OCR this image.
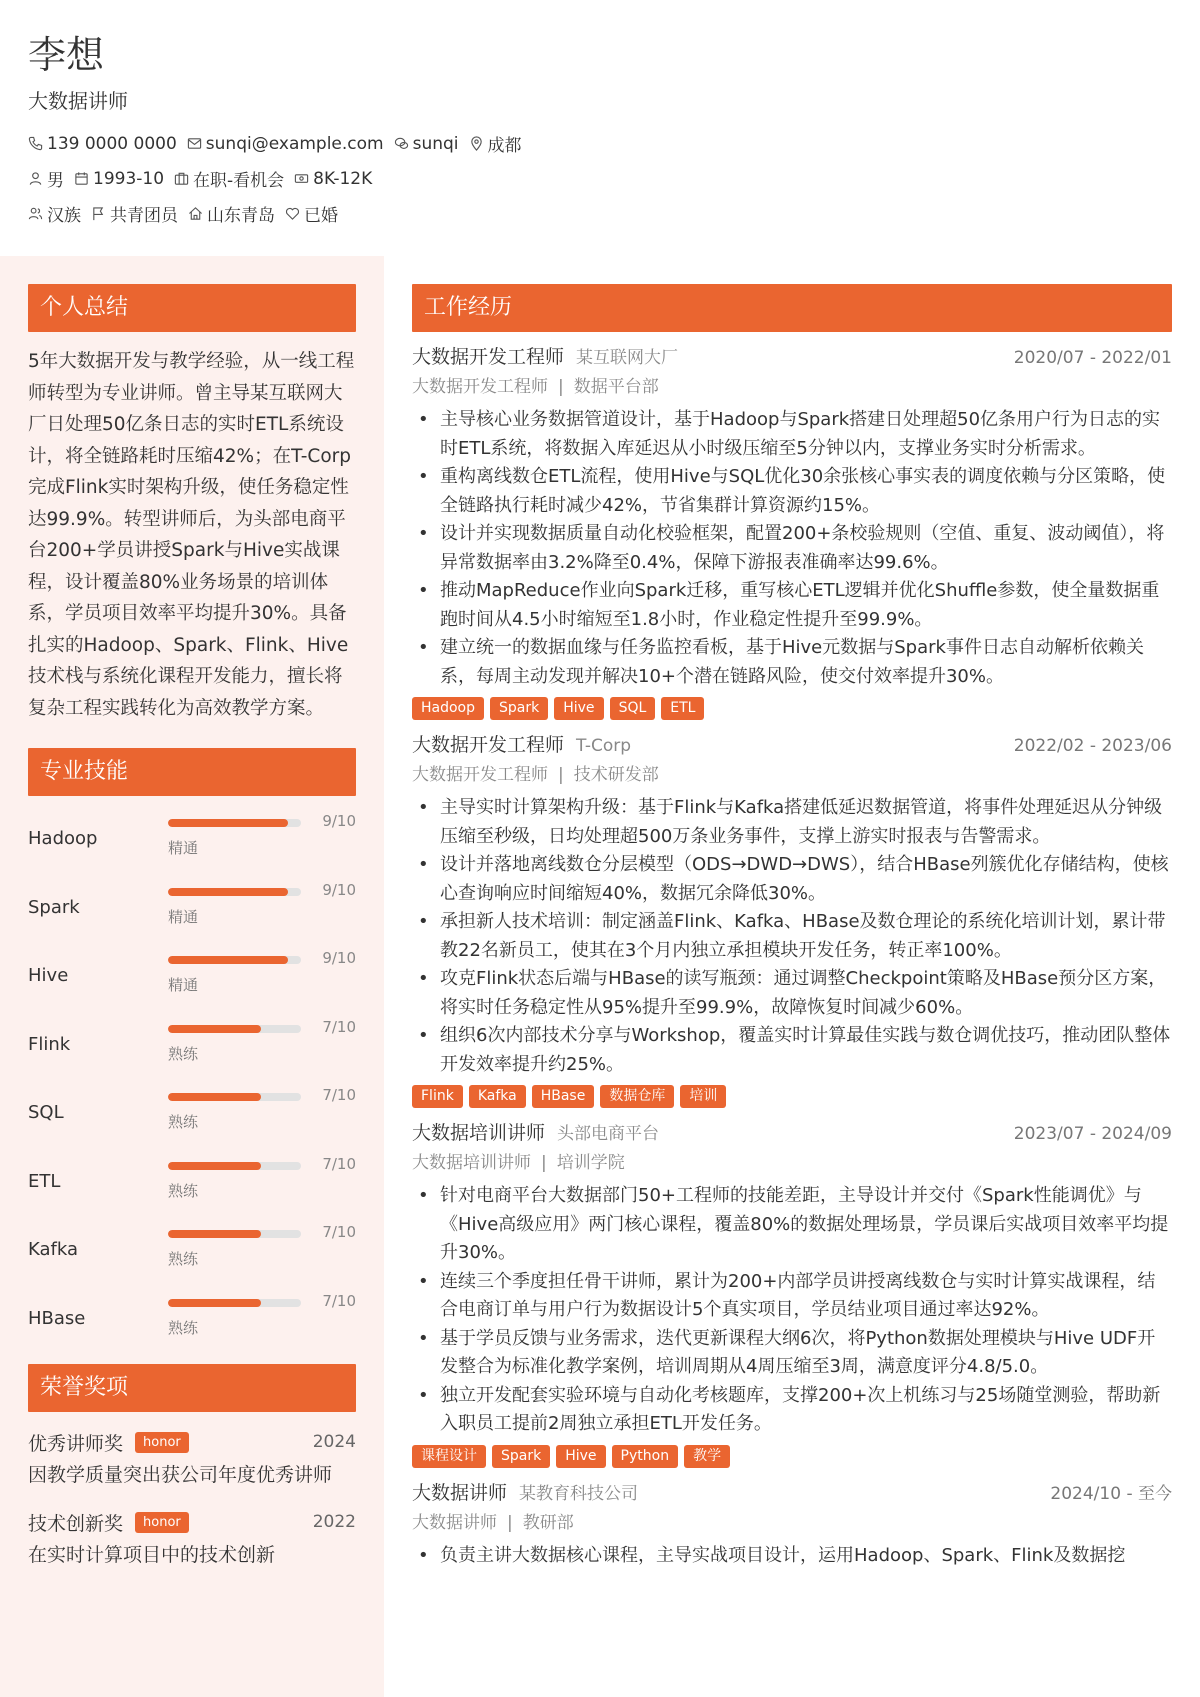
李想
大数据讲师
139 0000 0000 sunqi@example.com sunqi 成都
男 1993-10 在职-看机会 8K-12K
汉族 共青团员 山东青岛 已婚
个人总结
5年大数据开发与教学经验，从一线工程师转型为专业讲师。曾主导某互联网大厂日处理50亿条日志的实时ETL系统设计，将全链路耗时压缩42%；在T-Corp完成Flink实时架构升级，使任务稳定性达99.9%。转型讲师后，为头部电商平台200+学员讲授Spark与Hive实战课程，设计覆盖80%业务场景的培训体系，学员项目效率平均提升30%。具备扎实的Hadoop、Spark、Flink、Hive技术栈与系统化课程开发能力，擅长将复杂工程实践转化为高效教学方案。
专业技能
Hadoop
9/10
精通
Spark
9/10
精通
Hive
9/10
精通
Flink
7/10
熟练
SQL
7/10
熟练
ETL
7/10
熟练
Kafka
7/10
熟练
HBase
7/10
熟练
荣誉奖项
优秀讲师奖	honor	2024
因教学质量突出获公司年度优秀讲师
技术创新奖	honor	2022
在实时计算项目中的技术创新
工作经历
大数据开发工程师 某互联网大厂	2020/07 - 2022/01
大数据开发工程师 | 数据平台部
• 主导核心业务数据管道设计，基于Hadoop与Spark搭建日处理超50亿条用户行为日志的实时ETL系统，将数据入库延迟从小时级压缩至5分钟以内，支撑业务实时分析需求。
• 重构离线数仓ETL流程，使用Hive与SQL优化30余张核心事实表的调度依赖与分区策略，使全链路执行耗时减少42%，节省集群计算资源约15%。
• 设计并实现数据质量自动化校验框架，配置200+条校验规则（空值、重复、波动阈值），将异常数据率由3.2%降至0.4%，保障下游报表准确率达99.6%。
• 推动MapReduce作业向Spark迁移，重写核心ETL逻辑并优化Shuffle参数，使全量数据重跑时间从4.5小时缩短至1.8小时，作业稳定性提升至99.9%。
• 建立统一的数据血缘与任务监控看板，基于Hive元数据与Spark事件日志自动解析依赖关系，每周主动发现并解决10+个潜在链路风险，使交付效率提升30%。
Hadoop	Spark	Hive	SQL	ETL
大数据开发工程师 T-Corp	2022/02 - 2023/06
大数据开发工程师 | 技术研发部
• 主导实时计算架构升级：基于Flink与Kafka搭建低延迟数据管道，将事件处理延迟从分钟级压缩至秒级，日均处理超500万条业务事件，支撑上游实时报表与告警需求。
• 设计并落地离线数仓分层模型（ODS→DWD→DWS），结合HBase列簇优化存储结构，使核心查询响应时间缩短40%，数据冗余降低30%。
• 承担新人技术培训：制定涵盖Flink、Kafka、HBase及数仓理论的系统化培训计划，累计带教22名新员工，使其在3个月内独立承担模块开发任务，转正率100%。
• 攻克Flink状态后端与HBase的读写瓶颈：通过调整Checkpoint策略及HBase预分区方案，将实时任务稳定性从95%提升至99.9%，故障恢复时间减少60%。
• 组织6次内部技术分享与Workshop，覆盖实时计算最佳实践与数仓调优技巧，推动团队整体开发效率提升约25%。
Flink	Kafka	HBase	数据仓库	培训
大数据培训讲师 头部电商平台	2023/07 - 2024/09
大数据培训讲师 | 培训学院
• 针对电商平台大数据部门50+工程师的技能差距，主导设计并交付《Spark性能调优》与《Hive高级应用》两门核心课程，覆盖80%的数据处理场景，学员课后实战项目效率平均提升30%。
• 连续三个季度担任骨干讲师，累计为200+内部学员讲授离线数仓与实时计算实战课程，结合电商订单与用户行为数据设计5个真实项目，学员结业项目通过率达92%。
• 基于学员反馈与业务需求，迭代更新课程大纲6次，将Python数据处理模块与Hive UDF开发整合为标准化教学案例，培训周期从4周压缩至3周，满意度评分4.8/5.0。
• 独立开发配套实验环境与自动化考核题库，支撑200+次上机练习与25场随堂测验，帮助新入职员工提前2周独立承担ETL开发任务。
课程设计	Spark	Hive	Python	教学
大数据讲师 某教育科技公司	2024/10 - 至今
大数据讲师 | 教研部
• 负责主讲大数据核心课程，主导实战项目设计，运用Hadoop、Spark、Flink及数据挖
